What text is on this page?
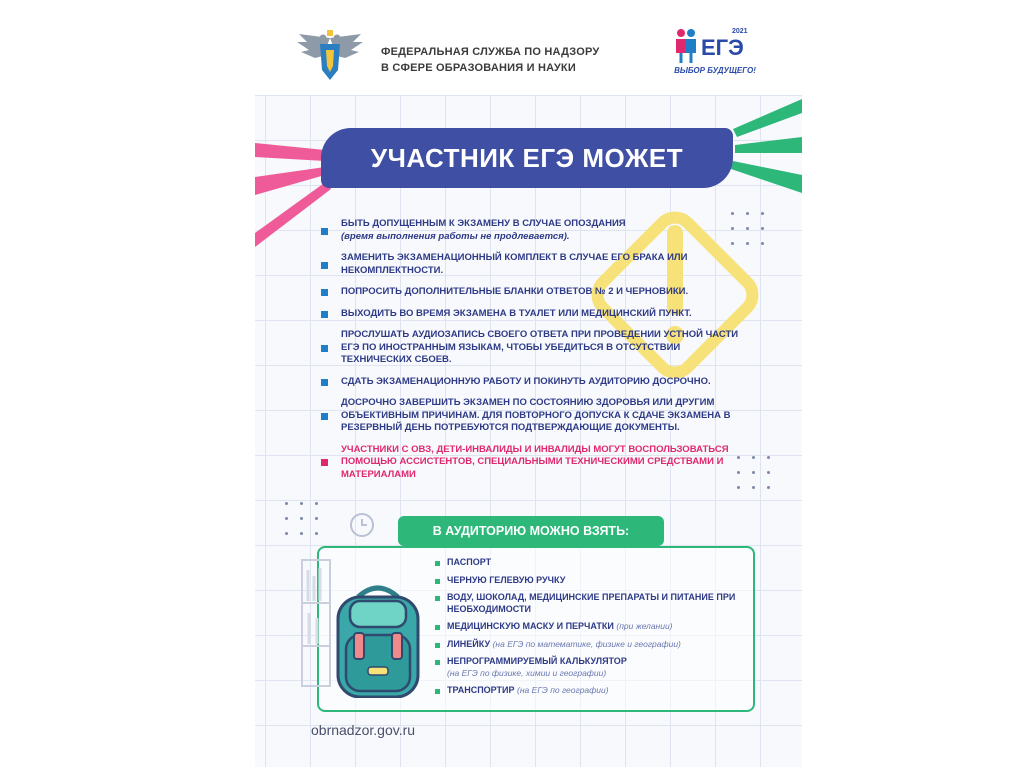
ФЕДЕРАЛЬНАЯ СЛУЖБА ПО НАДЗОРУ
В СФЕРЕ ОБРАЗОВАНИЯ И НАУКИ
ЕГЭ
2021
ВЫБОР БУДУЩЕГО!
УЧАСТНИК ЕГЭ МОЖЕТ
БЫТЬ ДОПУЩЕННЫМ К ЭКЗАМЕНУ В СЛУЧАЕ ОПОЗДАНИЯ
(время выполнения работы не продлевается).
ЗАМЕНИТЬ ЭКЗАМЕНАЦИОННЫЙ КОМПЛЕКТ В СЛУЧАЕ ЕГО БРАКА ИЛИ НЕКОМПЛЕКТНОСТИ.
ПОПРОСИТЬ ДОПОЛНИТЕЛЬНЫЕ БЛАНКИ ОТВЕТОВ № 2 И ЧЕРНОВИКИ.
ВЫХОДИТЬ ВО ВРЕМЯ ЭКЗАМЕНА В ТУАЛЕТ ИЛИ МЕДИЦИНСКИЙ ПУНКТ.
ПРОСЛУШАТЬ АУДИОЗАПИСЬ СВОЕГО ОТВЕТА ПРИ ПРОВЕДЕНИИ УСТНОЙ ЧАСТИ ЕГЭ ПО ИНОСТРАННЫМ ЯЗЫКАМ, ЧТОБЫ УБЕДИТЬСЯ В ОТСУТСТВИИ ТЕХНИЧЕСКИХ СБОЕВ.
СДАТЬ ЭКЗАМЕНАЦИОННУЮ РАБОТУ И ПОКИНУТЬ АУДИТОРИЮ ДОСРОЧНО.
ДОСРОЧНО ЗАВЕРШИТЬ ЭКЗАМЕН ПО СОСТОЯНИЮ ЗДОРОВЬЯ ИЛИ ДРУГИМ ОБЪЕКТИВНЫМ ПРИЧИНАМ. ДЛЯ ПОВТОРНОГО ДОПУСКА К СДАЧЕ ЭКЗАМЕНА В РЕЗЕРВНЫЙ ДЕНЬ ПОТРЕБУЮТСЯ ПОДТВЕРЖДАЮЩИЕ ДОКУМЕНТЫ.
УЧАСТНИКИ С ОВЗ, ДЕТИ-ИНВАЛИДЫ И ИНВАЛИДЫ МОГУТ ВОСПОЛЬЗОВАТЬСЯ ПОМОЩЬЮ АССИСТЕНТОВ, СПЕЦИАЛЬНЫМИ ТЕХНИЧЕСКИМИ СРЕДСТВАМИ И МАТЕРИАЛАМИ
В АУДИТОРИЮ МОЖНО ВЗЯТЬ:
ПАСПОРТ
ЧЕРНУЮ ГЕЛЕВУЮ РУЧКУ
ВОДУ, ШОКОЛАД, МЕДИЦИНСКИЕ ПРЕПАРАТЫ И ПИТАНИЕ ПРИ НЕОБХОДИМОСТИ
МЕДИЦИНСКУЮ МАСКУ И ПЕРЧАТКИ (при желании)
ЛИНЕЙКУ (на ЕГЭ по математике, физике и географии)
НЕПРОГРАММИРУЕМЫЙ КАЛЬКУЛЯТОР
(на ЕГЭ по физике, химии и географии)
ТРАНСПОРТИР (на ЕГЭ по географии)
obrnadzor.gov.ru
